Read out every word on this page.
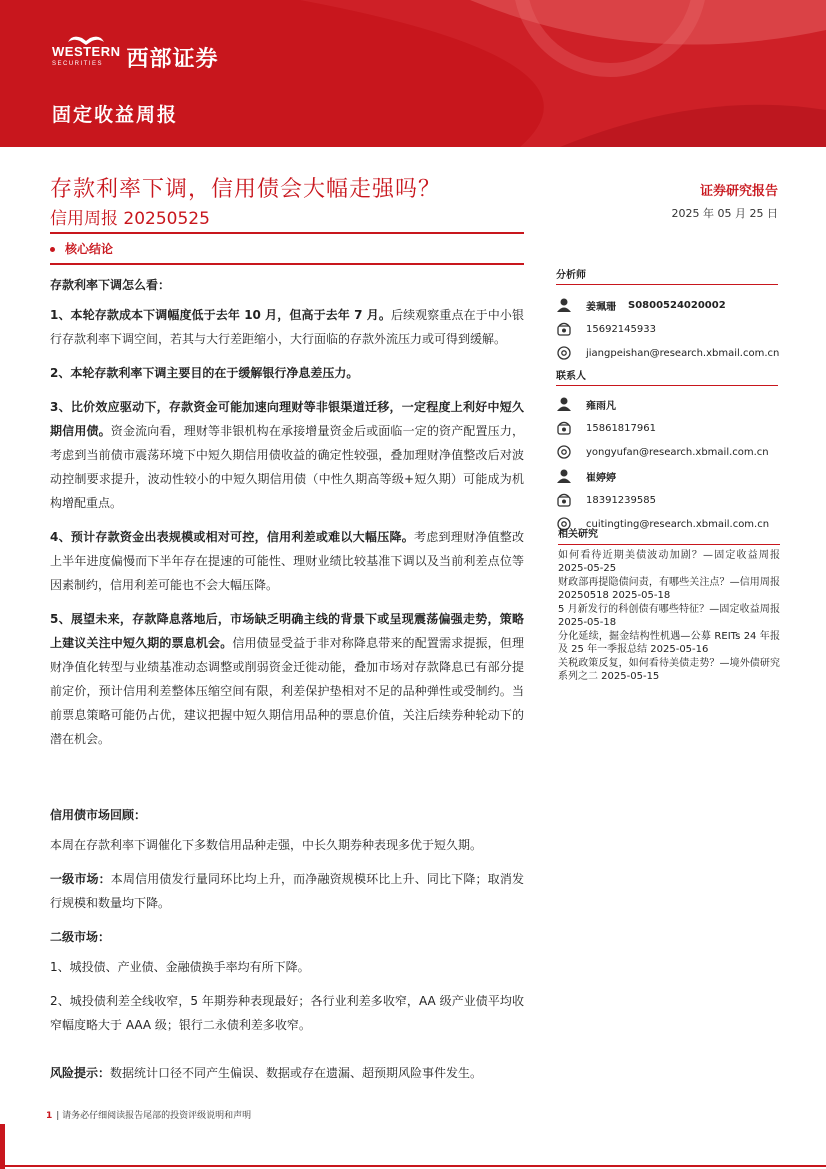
WESTERN
SECURITIES	西部证券
固定收益周报
存款利率下调，信用债会大幅走强吗？
信用周报 20250525
证券研究报告
2025 年 05 月 25 日
核心结论

存款利率下调怎么看：

1、本轮存款成本下调幅度低于去年 10 月，但高于去年 7 月。后续观察重点在于中小银行存款利率下调空间，若其与大行差距缩小，大行面临的存款外流压力或可得到缓解。

2、本轮存款利率下调主要目的在于缓解银行净息差压力。

3、比价效应驱动下，存款资金可能加速向理财等非银渠道迁移，一定程度上利好中短久期信用债。资金流向看，理财等非银机构在承接增量资金后或面临一定的资产配置压力，考虑到当前债市震荡环境下中短久期信用债收益的确定性较强，叠加理财净值整改后对波动控制要求提升，波动性较小的中短久期信用债（中性久期高等级+短久期）可能成为机构增配重点。

4、预计存款资金出表规模或相对可控，信用利差或难以大幅压降。考虑到理财净值整改上半年进度偏慢而下半年存在提速的可能性、理财业绩比较基准下调以及当前利差点位等因素制约，信用利差可能也不会大幅压降。

5、展望未来，存款降息落地后，市场缺乏明确主线的背景下或呈现震荡偏强走势，策略上建议关注中短久期的票息机会。信用债显受益于非对称降息带来的配置需求提振，但理财净值化转型与业绩基准动态调整或削弱资金迁徙动能，叠加市场对存款降息已有部分提前定价，预计信用利差整体压缩空间有限，利差保护垫相对不足的品种弹性或受制约。当前票息策略可能仍占优，建议把握中短久期信用品种的票息价值，关注后续券种轮动下的潜在机会。

信用债市场回顾：

本周在存款利率下调催化下多数信用品种走强，中长久期券种表现多优于短久期。

一级市场：本周信用债发行量同环比均上升，而净融资规模环比上升、同比下降；取消发行规模和数量均下降。

二级市场：

1、城投债、产业债、金融债换手率均有所下降。

2、城投债利差全线收窄，5 年期券种表现最好；各行业利差多收窄，AA 级产业债平均收窄幅度略大于 AAA 级；银行二永债利差多收窄。

风险提示：数据统计口径不同产生偏误、数据或存在遗漏、超预期风险事件发生。

分析师
姜珮珊 S0800524020002
15692145933
jiangpeishan@research.xbmail.com.cn
联系人
雍雨凡
15861817961
yongyufan@research.xbmail.com.cn
崔婷婷
18391239585
cuitingting@research.xbmail.com.cn
相关研究

如何看待近期美债波动加剧？—固定收益周报 2025-05-25

财政部再提隐债问责，有哪些关注点？—信用周报 20250518 2025-05-18

5 月新发行的科创债有哪些特征？—固定收益周报 2025-05-18

分化延续，掘金结构性机遇—公募 REITs 24 年报及 25 年一季报总结 2025-05-16

关税政策反复，如何看待美债走势？—境外债研究系列之二 2025-05-15

1 | 请务必仔细阅读报告尾部的投资评级说明和声明
